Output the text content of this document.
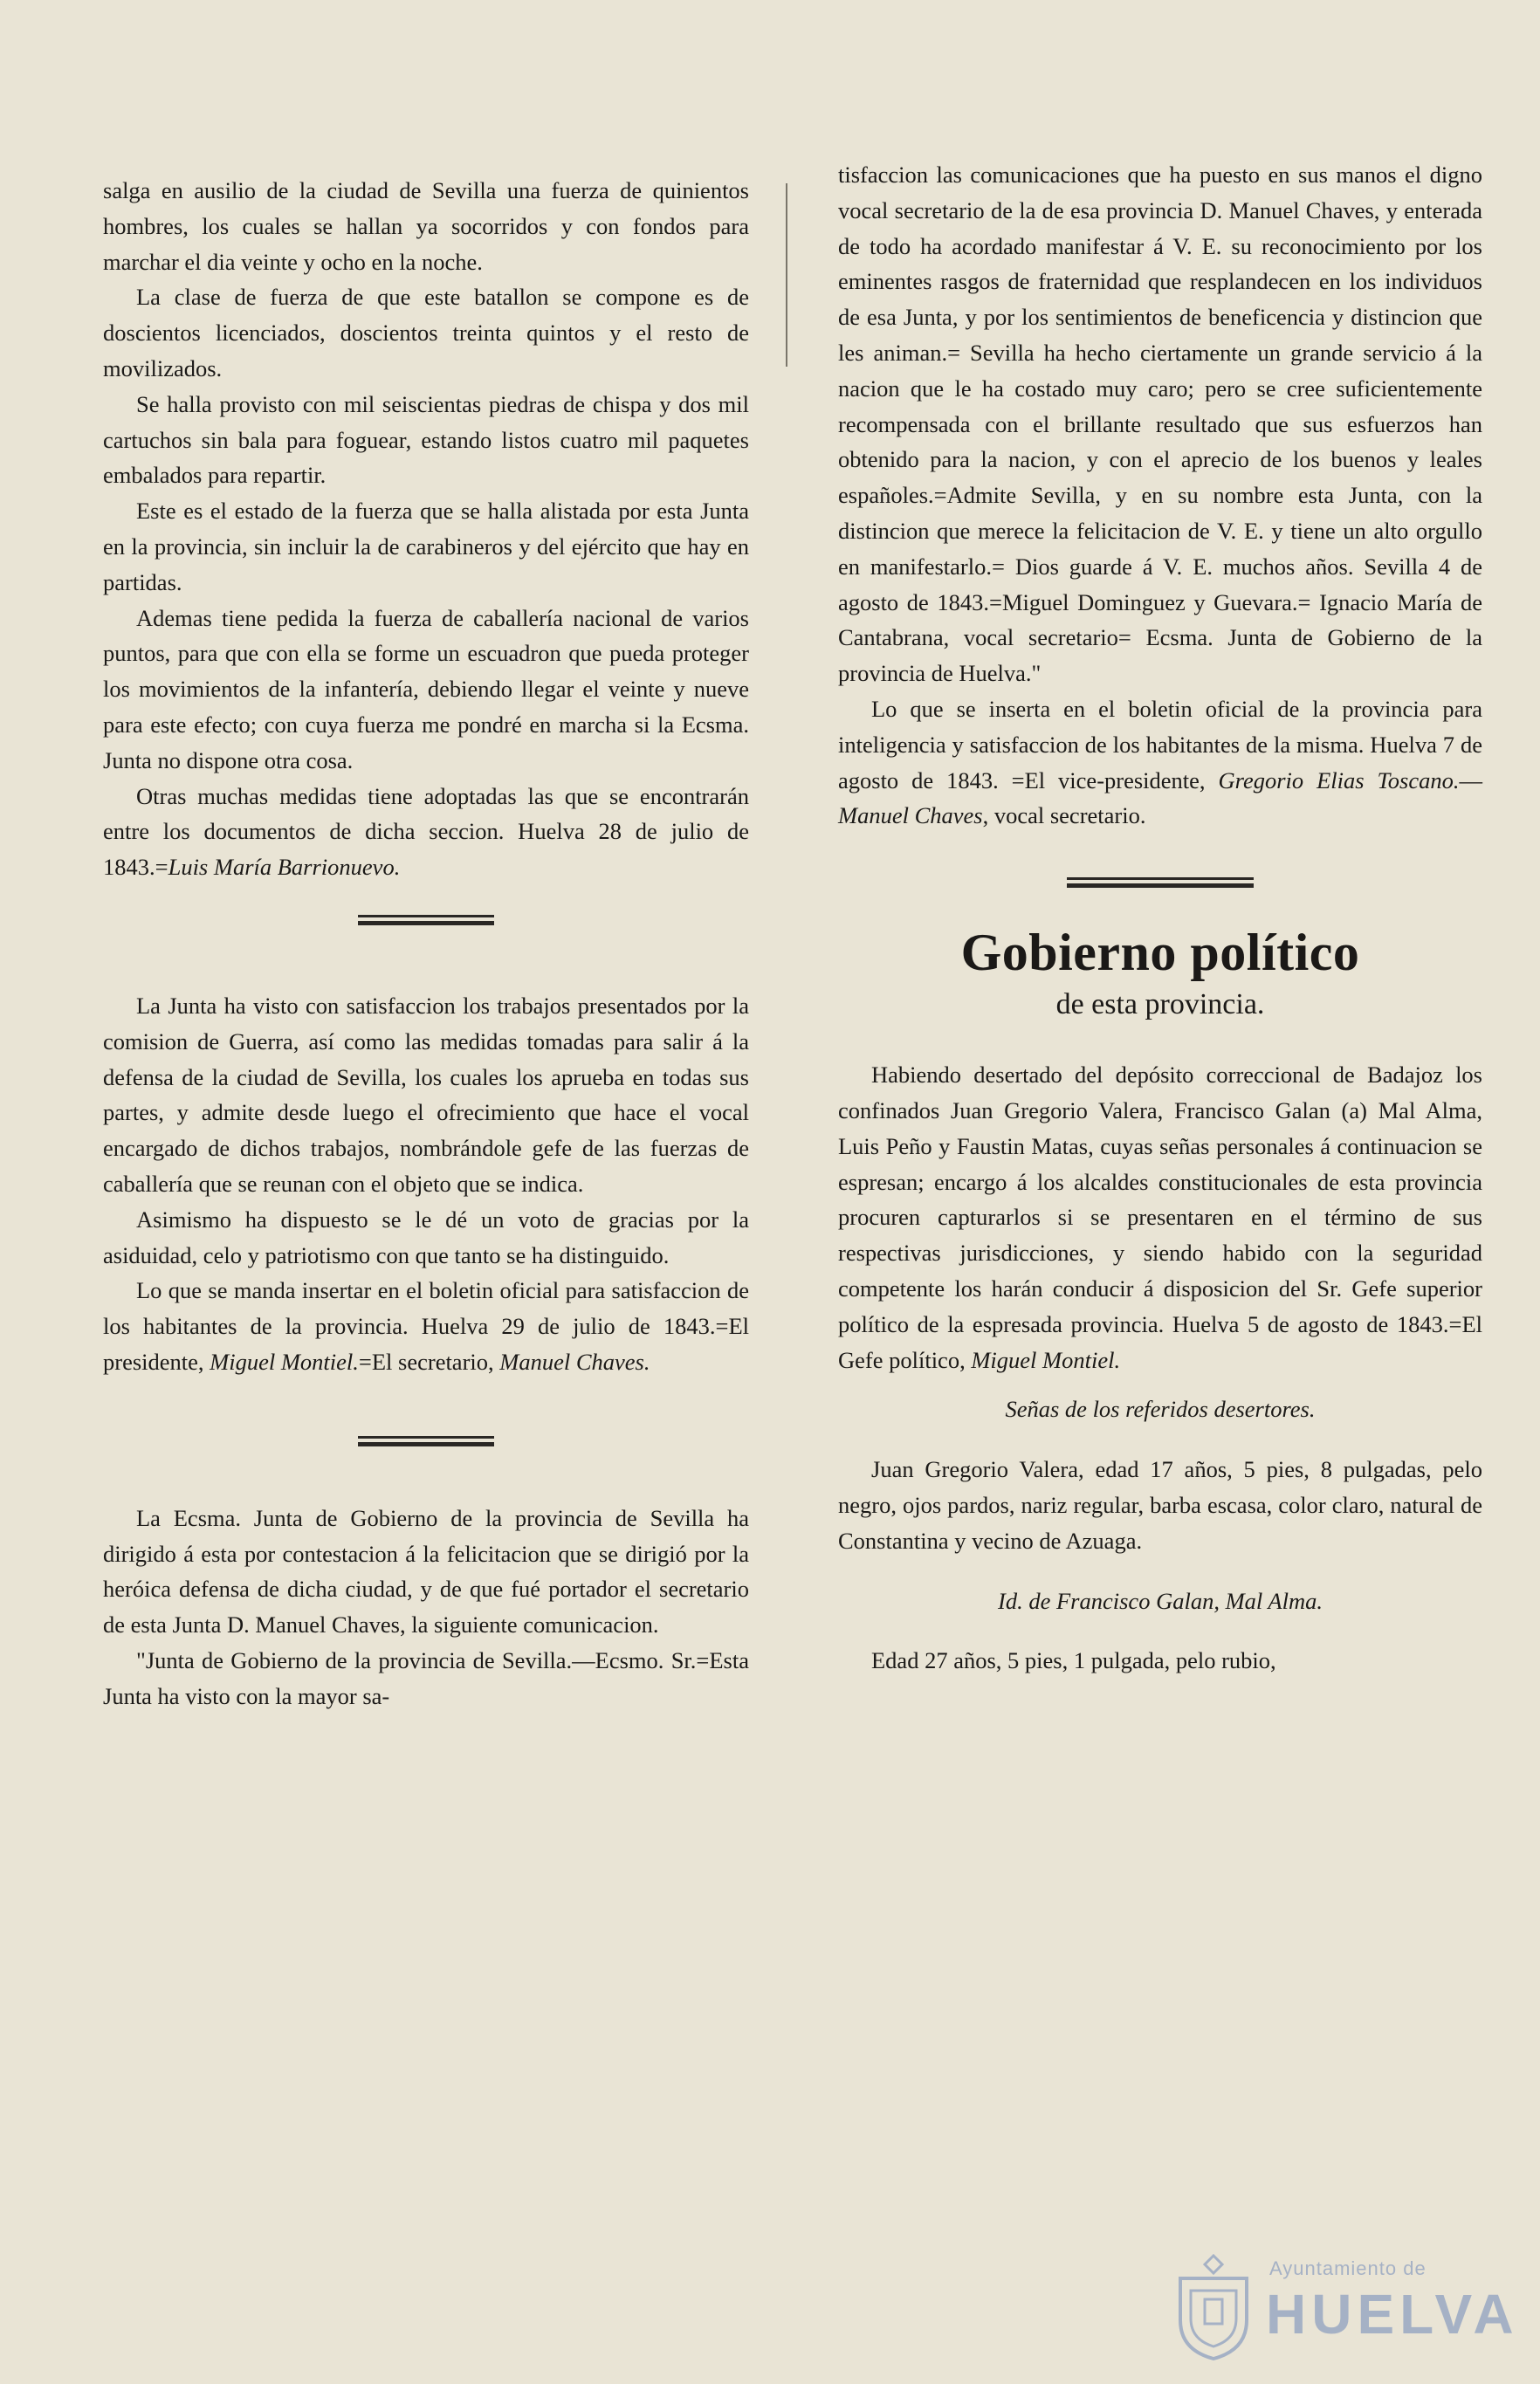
salga en ausilio de la ciudad de Sevilla una fuerza de quinientos hombres, los cuales se hallan ya socorridos y con fondos para marchar el dia veinte y ocho en la noche.

La clase de fuerza de que este batallon se compone es de doscientos licenciados, doscientos treinta quintos y el resto de movilizados.

Se halla provisto con mil seiscientas piedras de chispa y dos mil cartuchos sin bala para foguear, estando listos cuatro mil paquetes embalados para repartir.

Este es el estado de la fuerza que se halla alistada por esta Junta en la provincia, sin incluir la de carabineros y del ejército que hay en partidas.

Ademas tiene pedida la fuerza de caballería nacional de varios puntos, para que con ella se forme un escuadron que pueda proteger los movimientos de la infantería, debiendo llegar el veinte y nueve para este efecto; con cuya fuerza me pondré en marcha si la Ecsma. Junta no dispone otra cosa.

Otras muchas medidas tiene adoptadas las que se encontrarán entre los documentos de dicha seccion. Huelva 28 de julio de 1843.=Luis María Barrionuevo.

La Junta ha visto con satisfaccion los trabajos presentados por la comision de Guerra, así como las medidas tomadas para salir á la defensa de la ciudad de Sevilla, los cuales los aprueba en todas sus partes, y admite desde luego el ofrecimiento que hace el vocal encargado de dichos trabajos, nombrándole gefe de las fuerzas de caballería que se reunan con el objeto que se indica.

Asimismo ha dispuesto se le dé un voto de gracias por la asiduidad, celo y patriotismo con que tanto se ha distinguido.

Lo que se manda insertar en el boletin oficial para satisfaccion de los habitantes de la provincia. Huelva 29 de julio de 1843.=El presidente, Miguel Montiel.=El secretario, Manuel Chaves.

La Ecsma. Junta de Gobierno de la provincia de Sevilla ha dirigido á esta por contestacion á la felicitacion que se dirigió por la heróica defensa de dicha ciudad, y de que fué portador el secretario de esta Junta D. Manuel Chaves, la siguiente comunicacion.

"Junta de Gobierno de la provincia de Sevilla.—Ecsmo. Sr.=Esta Junta ha visto con la mayor sa-

tisfaccion las comunicaciones que ha puesto en sus manos el digno vocal secretario de la de esa provincia D. Manuel Chaves, y enterada de todo ha acordado manifestar á V. E. su reconocimiento por los eminentes rasgos de fraternidad que resplandecen en los individuos de esa Junta, y por los sentimientos de beneficencia y distincion que les animan.= Sevilla ha hecho ciertamente un grande servicio á la nacion que le ha costado muy caro; pero se cree suficientemente recompensada con el brillante resultado que sus esfuerzos han obtenido para la nacion, y con el aprecio de los buenos y leales españoles.=Admite Sevilla, y en su nombre esta Junta, con la distincion que merece la felicitacion de V. E. y tiene un alto orgullo en manifestarlo.= Dios guarde á V. E. muchos años. Sevilla 4 de agosto de 1843.=Miguel Dominguez y Guevara.= Ignacio María de Cantabrana, vocal secretario= Ecsma. Junta de Gobierno de la provincia de Huelva."

Lo que se inserta en el boletin oficial de la provincia para inteligencia y satisfaccion de los habitantes de la misma. Huelva 7 de agosto de 1843. =El vice-presidente, Gregorio Elias Toscano.—Manuel Chaves, vocal secretario.

Gobierno político
de esta provincia.

Habiendo desertado del depósito correccional de Badajoz los confinados Juan Gregorio Valera, Francisco Galan (a) Mal Alma, Luis Peño y Faustin Matas, cuyas señas personales á continuacion se espresan; encargo á los alcaldes constitucionales de esta provincia procuren capturarlos si se presentaren en el término de sus respectivas jurisdicciones, y siendo habido con la seguridad competente los harán conducir á disposicion del Sr. Gefe superior político de la espresada provincia. Huelva 5 de agosto de 1843.=El Gefe político, Miguel Montiel.

Señas de los referidos desertores.

Juan Gregorio Valera, edad 17 años, 5 pies, 8 pulgadas, pelo negro, ojos pardos, nariz regular, barba escasa, color claro, natural de Constantina y vecino de Azuaga.

Id. de Francisco Galan, Mal Alma.

Edad 27 años, 5 pies, 1 pulgada, pelo rubio,

Ayuntamiento de
HUELVA
